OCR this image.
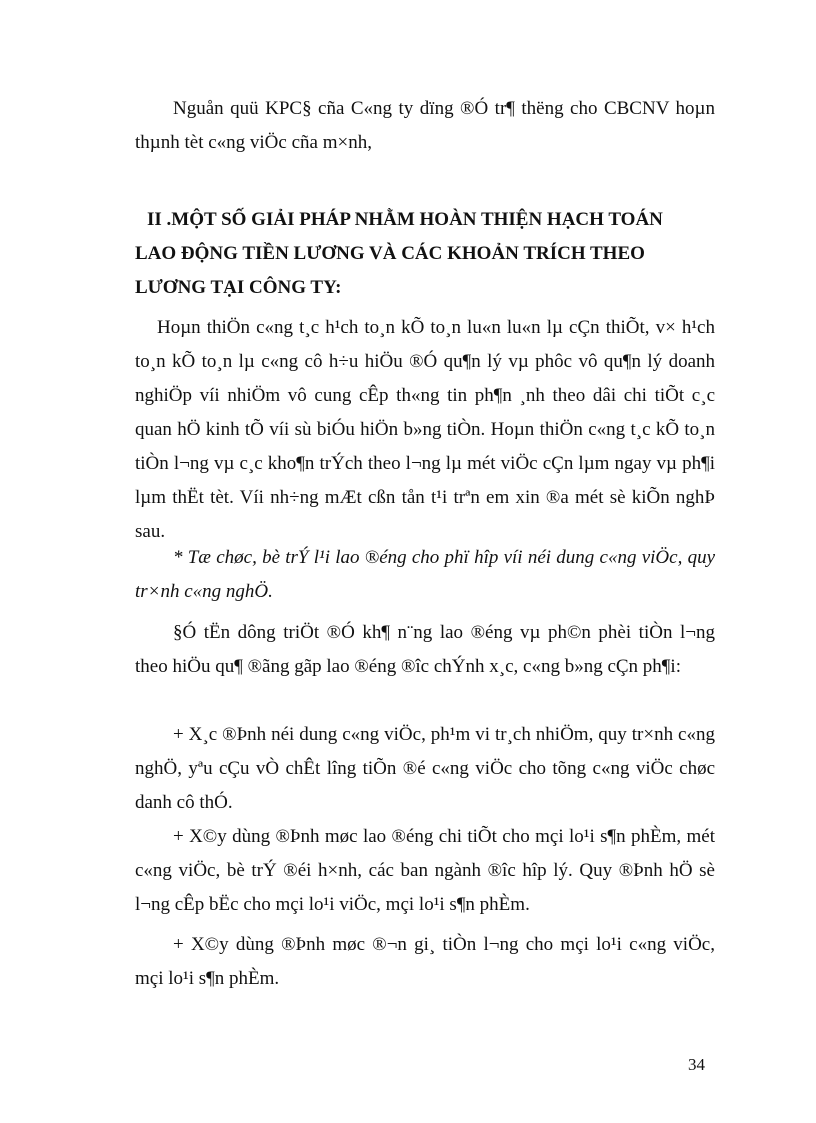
Nguån quü KPC§ cña C«ng ty dïng ®Ó tr¶ thëng cho CBCNV hoµn thµnh tèt c«ng viÖc cña m×nh,

II .MỘT SỐ GIẢI PHÁP NHẰM HOÀN THIỆN HẠCH TOÁN LAO ĐỘNG TIỀN LƯƠNG VÀ CÁC KHOẢN TRÍCH THEO LƯƠNG TẠI CÔNG TY:

Hoµn thiÖn c«ng t¸c h¹ch to¸n kÕ to¸n lu«n lu«n lµ cÇn thiÕt, v× h¹ch to¸n kÕ to¸n lµ c«ng cô h÷u hiÖu ®Ó qu¶n lý vµ phôc vô qu¶n lý doanh nghiÖp víi nhiÖm vô cung cÊp th«ng tin ph¶n ¸nh theo dâi chi tiÕt c¸c quan hÖ kinh tÕ víi sù biÓu hiÖn b»ng tiÒn. Hoµn thiÖn c«ng t¸c kÕ to¸n tiÒn l¬ng vµ c¸c kho¶n trÝch theo l¬ng lµ mét viÖc cÇn lµm ngay vµ ph¶i lµm thËt tèt. Víi nh÷ng mÆt cßn tån t¹i trªn em xin ®a mét sè kiÕn nghÞ sau.

* Tæ chøc, bè trÝ l¹i lao ®éng cho phï hîp víi néi dung c«ng viÖc, quy tr×nh c«ng nghÖ.

§Ó tËn dông triÖt ®Ó kh¶ n¨ng lao ®éng vµ ph©n phèi tiÒn l¬ng theo hiÖu qu¶ ®ãng gãp lao ®éng ®îc chÝnh x¸c, c«ng b»ng cÇn ph¶i:

+ X¸c ®Þnh néi dung c«ng viÖc, ph¹m vi tr¸ch nhiÖm, quy tr×nh c«ng nghÖ, yªu cÇu vÒ chÊt lîng tiÕn ®é c«ng viÖc cho tõng c«ng viÖc chøc danh cô thÓ.

+ X©y dùng ®Þnh møc lao ®éng chi tiÕt cho mçi lo¹i s¶n phÈm, mét c«ng viÖc, bè trÝ ®éi h×nh, các ban ngành ®îc hîp lý. Quy ®Þnh hÖ sè l¬ng cÊp bËc cho mçi lo¹i viÖc, mçi lo¹i s¶n phÈm.

+ X©y dùng ®Þnh møc ®¬n gi¸ tiÒn l¬ng cho mçi lo¹i c«ng viÖc, mçi lo¹i s¶n phÈm.

34
